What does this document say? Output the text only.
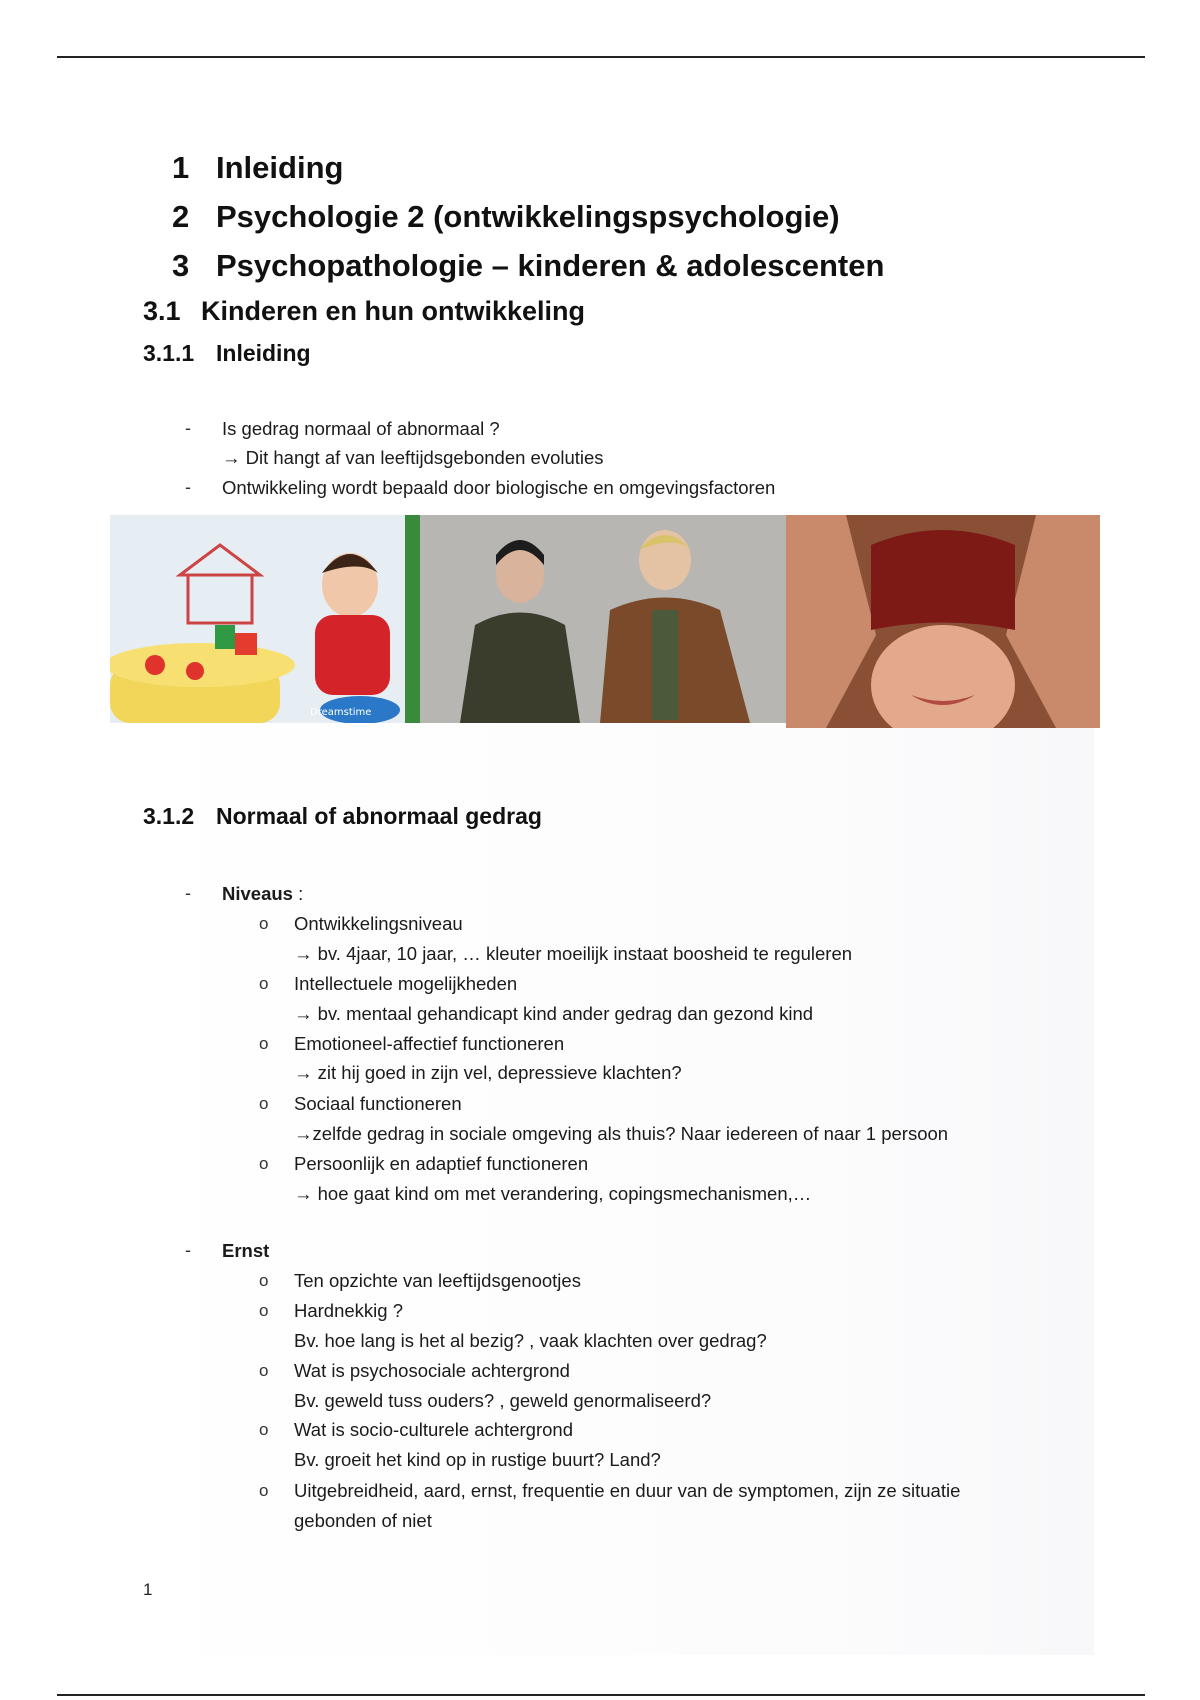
1 Inleiding
2 Psychologie 2 (ontwikkelingspsychologie)
3 Psychopathologie – kinderen & adolescenten
3.1 Kinderen en hun ontwikkeling
3.1.1 Inleiding
- Is gedrag normaal of abnormaal ?
→ Dit hangt af van leeftijdsgebonden evoluties
- Ontwikkeling wordt bepaald door biologische en omgevingsfactoren
Dreamstime
3.1.2 Normaal of abnormaal gedrag
- Niveaus :
o Ontwikkelingsniveau
→ bv. 4jaar, 10 jaar, … kleuter moeilijk instaat boosheid te reguleren
o Intellectuele mogelijkheden
→ bv. mentaal gehandicapt kind ander gedrag dan gezond kind
o Emotioneel-affectief functioneren
→ zit hij goed in zijn vel, depressieve klachten?
o Sociaal functioneren
→zelfde gedrag in sociale omgeving als thuis? Naar iedereen of naar 1 persoon
o Persoonlijk en adaptief functioneren
→ hoe gaat kind om met verandering, copingsmechanismen,…
- Ernst
o Ten opzichte van leeftijdsgenootjes
o Hardnekkig ?
Bv. hoe lang is het al bezig? , vaak klachten over gedrag?
o Wat is psychosociale achtergrond
Bv. geweld tuss ouders? , geweld genormaliseerd?
o Wat is socio-culturele achtergrond
Bv. groeit het kind op in rustige buurt? Land?
o Uitgebreidheid, aard, ernst, frequentie en duur van de symptomen, zijn ze situatie
gebonden of niet
1
